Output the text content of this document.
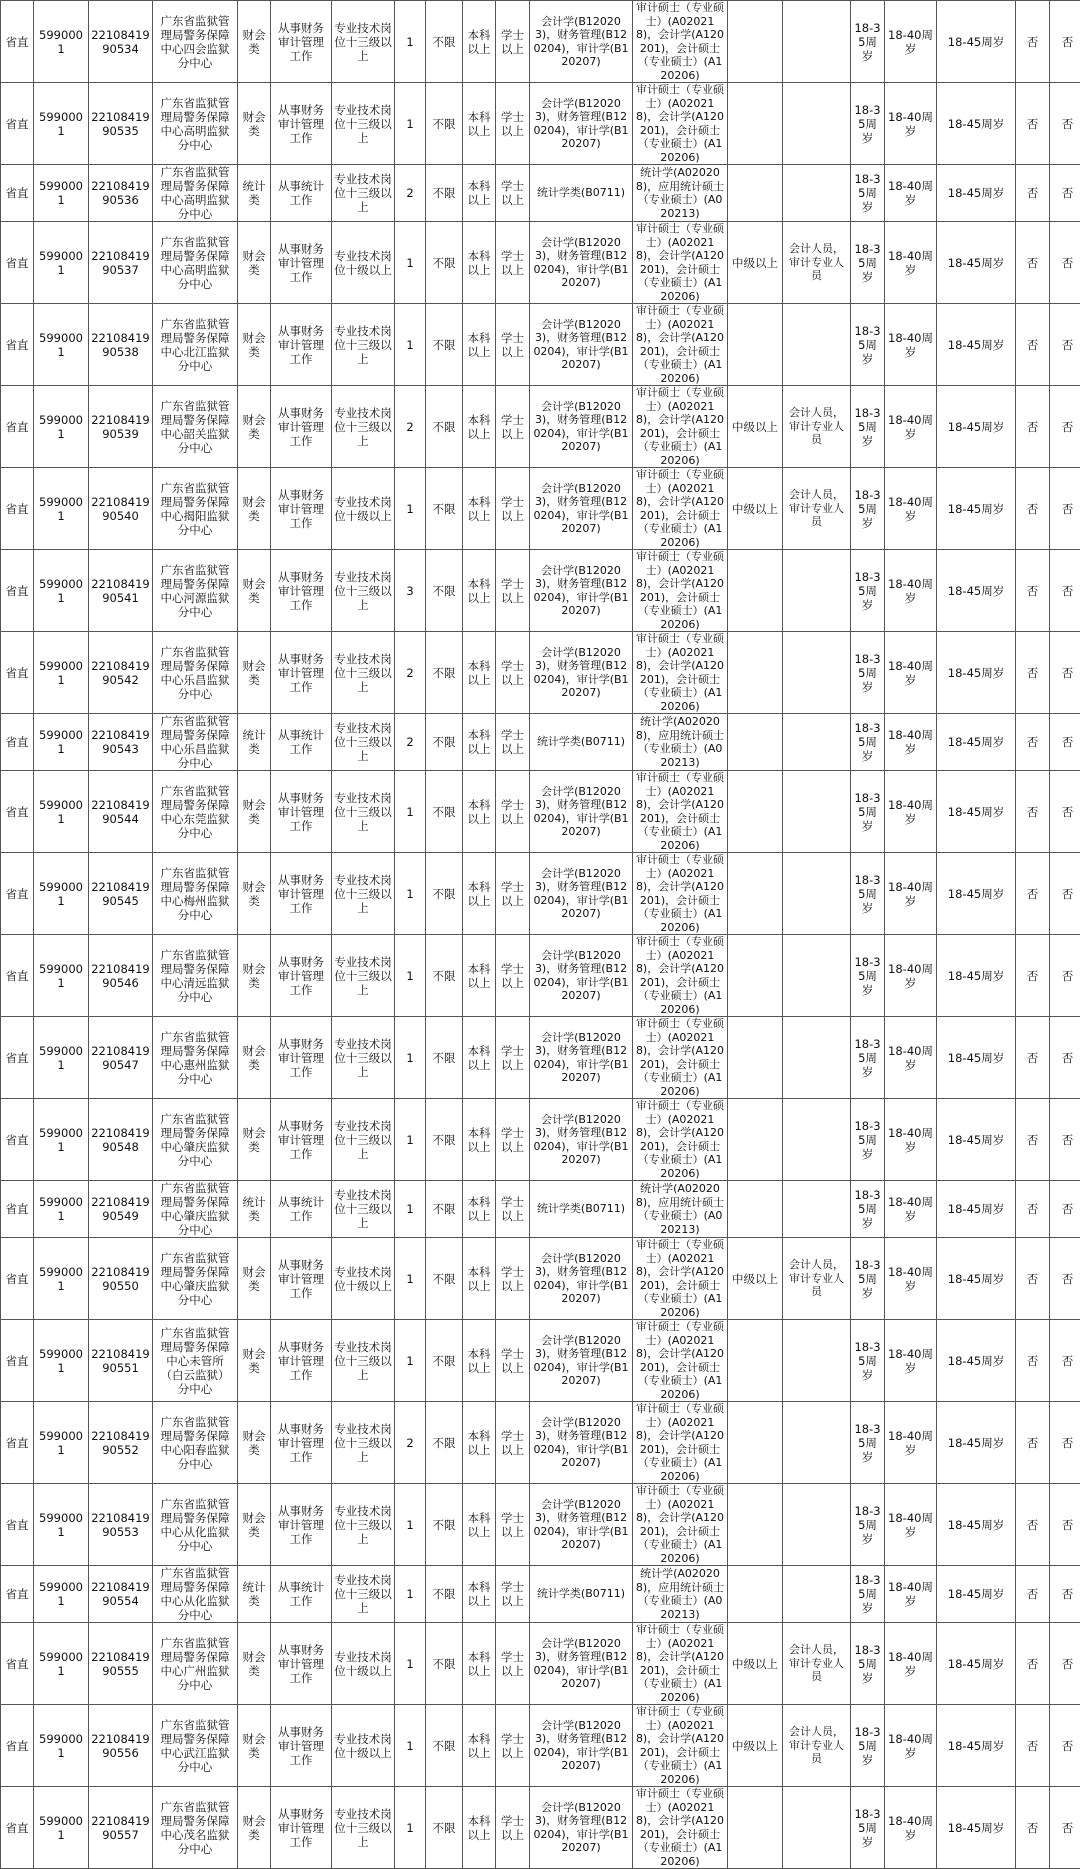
省直	5990001	2210841990534	广东省监狱管理局警务保障中心四会监狱分中心	财会类	从事财务审计管理工作	专业技术岗位十三级以上	1	不限	本科以上	学士以上	会计学(B120203)，财务管理(B120204)，审计学(B120207)	审计硕士（专业硕士）(A020218)，会计学(A120201)，会计硕士（专业硕士）(A120206)			18-35周岁	18-40周岁	18-45周岁	否	否
省直	5990001	2210841990535	广东省监狱管理局警务保障中心高明监狱分中心	财会类	从事财务审计管理工作	专业技术岗位十三级以上	1	不限	本科以上	学士以上	会计学(B120203)，财务管理(B120204)，审计学(B120207)	审计硕士（专业硕士）(A020218)，会计学(A120201)，会计硕士（专业硕士）(A120206)			18-35周岁	18-40周岁	18-45周岁	否	否
省直	5990001	2210841990536	广东省监狱管理局警务保障中心高明监狱分中心	统计类	从事统计工作	专业技术岗位十三级以上	2	不限	本科以上	学士以上	统计学类(B0711)	统计学(A020208)，应用统计硕士（专业硕士）(A020213)			18-35周岁	18-40周岁	18-45周岁	否	否
省直	5990001	2210841990537	广东省监狱管理局警务保障中心高明监狱分中心	财会类	从事财务审计管理工作	专业技术岗位十级以上	1	不限	本科以上	学士以上	会计学(B120203)，财务管理(B120204)，审计学(B120207)	审计硕士（专业硕士）(A020218)，会计学(A120201)，会计硕士（专业硕士）(A120206)	中级以上	会计人员，审计专业人员	18-35周岁	18-40周岁	18-45周岁	否	否
省直	5990001	2210841990538	广东省监狱管理局警务保障中心北江监狱分中心	财会类	从事财务审计管理工作	专业技术岗位十三级以上	1	不限	本科以上	学士以上	会计学(B120203)，财务管理(B120204)，审计学(B120207)	审计硕士（专业硕士）(A020218)，会计学(A120201)，会计硕士（专业硕士）(A120206)			18-35周岁	18-40周岁	18-45周岁	否	否
省直	5990001	2210841990539	广东省监狱管理局警务保障中心韶关监狱分中心	财会类	从事财务审计管理工作	专业技术岗位十三级以上	2	不限	本科以上	学士以上	会计学(B120203)，财务管理(B120204)，审计学(B120207)	审计硕士（专业硕士）(A020218)，会计学(A120201)，会计硕士（专业硕士）(A120206)	中级以上	会计人员，审计专业人员	18-35周岁	18-40周岁	18-45周岁	否	否
省直	5990001	2210841990540	广东省监狱管理局警务保障中心揭阳监狱分中心	财会类	从事财务审计管理工作	专业技术岗位十级以上	1	不限	本科以上	学士以上	会计学(B120203)，财务管理(B120204)，审计学(B120207)	审计硕士（专业硕士）(A020218)，会计学(A120201)，会计硕士（专业硕士）(A120206)	中级以上	会计人员，审计专业人员	18-35周岁	18-40周岁	18-45周岁	否	否
省直	5990001	2210841990541	广东省监狱管理局警务保障中心河源监狱分中心	财会类	从事财务审计管理工作	专业技术岗位十三级以上	3	不限	本科以上	学士以上	会计学(B120203)，财务管理(B120204)，审计学(B120207)	审计硕士（专业硕士）(A020218)，会计学(A120201)，会计硕士（专业硕士）(A120206)			18-35周岁	18-40周岁	18-45周岁	否	否
省直	5990001	2210841990542	广东省监狱管理局警务保障中心乐昌监狱分中心	财会类	从事财务审计管理工作	专业技术岗位十三级以上	2	不限	本科以上	学士以上	会计学(B120203)，财务管理(B120204)，审计学(B120207)	审计硕士（专业硕士）(A020218)，会计学(A120201)，会计硕士（专业硕士）(A120206)			18-35周岁	18-40周岁	18-45周岁	否	否
省直	5990001	2210841990543	广东省监狱管理局警务保障中心乐昌监狱分中心	统计类	从事统计工作	专业技术岗位十三级以上	2	不限	本科以上	学士以上	统计学类(B0711)	统计学(A020208)，应用统计硕士（专业硕士）(A020213)			18-35周岁	18-40周岁	18-45周岁	否	否
省直	5990001	2210841990544	广东省监狱管理局警务保障中心东莞监狱分中心	财会类	从事财务审计管理工作	专业技术岗位十三级以上	1	不限	本科以上	学士以上	会计学(B120203)，财务管理(B120204)，审计学(B120207)	审计硕士（专业硕士）(A020218)，会计学(A120201)，会计硕士（专业硕士）(A120206)			18-35周岁	18-40周岁	18-45周岁	否	否
省直	5990001	2210841990545	广东省监狱管理局警务保障中心梅州监狱分中心	财会类	从事财务审计管理工作	专业技术岗位十三级以上	1	不限	本科以上	学士以上	会计学(B120203)，财务管理(B120204)，审计学(B120207)	审计硕士（专业硕士）(A020218)，会计学(A120201)，会计硕士（专业硕士）(A120206)			18-35周岁	18-40周岁	18-45周岁	否	否
省直	5990001	2210841990546	广东省监狱管理局警务保障中心清远监狱分中心	财会类	从事财务审计管理工作	专业技术岗位十三级以上	1	不限	本科以上	学士以上	会计学(B120203)，财务管理(B120204)，审计学(B120207)	审计硕士（专业硕士）(A020218)，会计学(A120201)，会计硕士（专业硕士）(A120206)			18-35周岁	18-40周岁	18-45周岁	否	否
省直	5990001	2210841990547	广东省监狱管理局警务保障中心惠州监狱分中心	财会类	从事财务审计管理工作	专业技术岗位十三级以上	1	不限	本科以上	学士以上	会计学(B120203)，财务管理(B120204)，审计学(B120207)	审计硕士（专业硕士）(A020218)，会计学(A120201)，会计硕士（专业硕士）(A120206)			18-35周岁	18-40周岁	18-45周岁	否	否
省直	5990001	2210841990548	广东省监狱管理局警务保障中心肇庆监狱分中心	财会类	从事财务审计管理工作	专业技术岗位十三级以上	1	不限	本科以上	学士以上	会计学(B120203)，财务管理(B120204)，审计学(B120207)	审计硕士（专业硕士）(A020218)，会计学(A120201)，会计硕士（专业硕士）(A120206)			18-35周岁	18-40周岁	18-45周岁	否	否
省直	5990001	2210841990549	广东省监狱管理局警务保障中心肇庆监狱分中心	统计类	从事统计工作	专业技术岗位十三级以上	1	不限	本科以上	学士以上	统计学类(B0711)	统计学(A020208)，应用统计硕士（专业硕士）(A020213)			18-35周岁	18-40周岁	18-45周岁	否	否
省直	5990001	2210841990550	广东省监狱管理局警务保障中心肇庆监狱分中心	财会类	从事财务审计管理工作	专业技术岗位十级以上	1	不限	本科以上	学士以上	会计学(B120203)，财务管理(B120204)，审计学(B120207)	审计硕士（专业硕士）(A020218)，会计学(A120201)，会计硕士（专业硕士）(A120206)	中级以上	会计人员，审计专业人员	18-35周岁	18-40周岁	18-45周岁	否	否
省直	5990001	2210841990551	广东省监狱管理局警务保障中心未管所（白云监狱）分中心	财会类	从事财务审计管理工作	专业技术岗位十三级以上	1	不限	本科以上	学士以上	会计学(B120203)，财务管理(B120204)，审计学(B120207)	审计硕士（专业硕士）(A020218)，会计学(A120201)，会计硕士（专业硕士）(A120206)			18-35周岁	18-40周岁	18-45周岁	否	否
省直	5990001	2210841990552	广东省监狱管理局警务保障中心阳春监狱分中心	财会类	从事财务审计管理工作	专业技术岗位十三级以上	2	不限	本科以上	学士以上	会计学(B120203)，财务管理(B120204)，审计学(B120207)	审计硕士（专业硕士）(A020218)，会计学(A120201)，会计硕士（专业硕士）(A120206)			18-35周岁	18-40周岁	18-45周岁	否	否
省直	5990001	2210841990553	广东省监狱管理局警务保障中心从化监狱分中心	财会类	从事财务审计管理工作	专业技术岗位十三级以上	1	不限	本科以上	学士以上	会计学(B120203)，财务管理(B120204)，审计学(B120207)	审计硕士（专业硕士）(A020218)，会计学(A120201)，会计硕士（专业硕士）(A120206)			18-35周岁	18-40周岁	18-45周岁	否	否
省直	5990001	2210841990554	广东省监狱管理局警务保障中心从化监狱分中心	统计类	从事统计工作	专业技术岗位十三级以上	1	不限	本科以上	学士以上	统计学类(B0711)	统计学(A020208)，应用统计硕士（专业硕士）(A020213)			18-35周岁	18-40周岁	18-45周岁	否	否
省直	5990001	2210841990555	广东省监狱管理局警务保障中心广州监狱分中心	财会类	从事财务审计管理工作	专业技术岗位十级以上	1	不限	本科以上	学士以上	会计学(B120203)，财务管理(B120204)，审计学(B120207)	审计硕士（专业硕士）(A020218)，会计学(A120201)，会计硕士（专业硕士）(A120206)	中级以上	会计人员，审计专业人员	18-35周岁	18-40周岁	18-45周岁	否	否
省直	5990001	2210841990556	广东省监狱管理局警务保障中心武江监狱分中心	财会类	从事财务审计管理工作	专业技术岗位十级以上	1	不限	本科以上	学士以上	会计学(B120203)，财务管理(B120204)，审计学(B120207)	审计硕士（专业硕士）(A020218)，会计学(A120201)，会计硕士（专业硕士）(A120206)	中级以上	会计人员，审计专业人员	18-35周岁	18-40周岁	18-45周岁	否	否
省直	5990001	2210841990557	广东省监狱管理局警务保障中心茂名监狱分中心	财会类	从事财务审计管理工作	专业技术岗位十三级以上	1	不限	本科以上	学士以上	会计学(B120203)，财务管理(B120204)，审计学(B120207)	审计硕士（专业硕士）(A020218)，会计学(A120201)，会计硕士（专业硕士）(A120206)			18-35周岁	18-40周岁	18-45周岁	否	否
